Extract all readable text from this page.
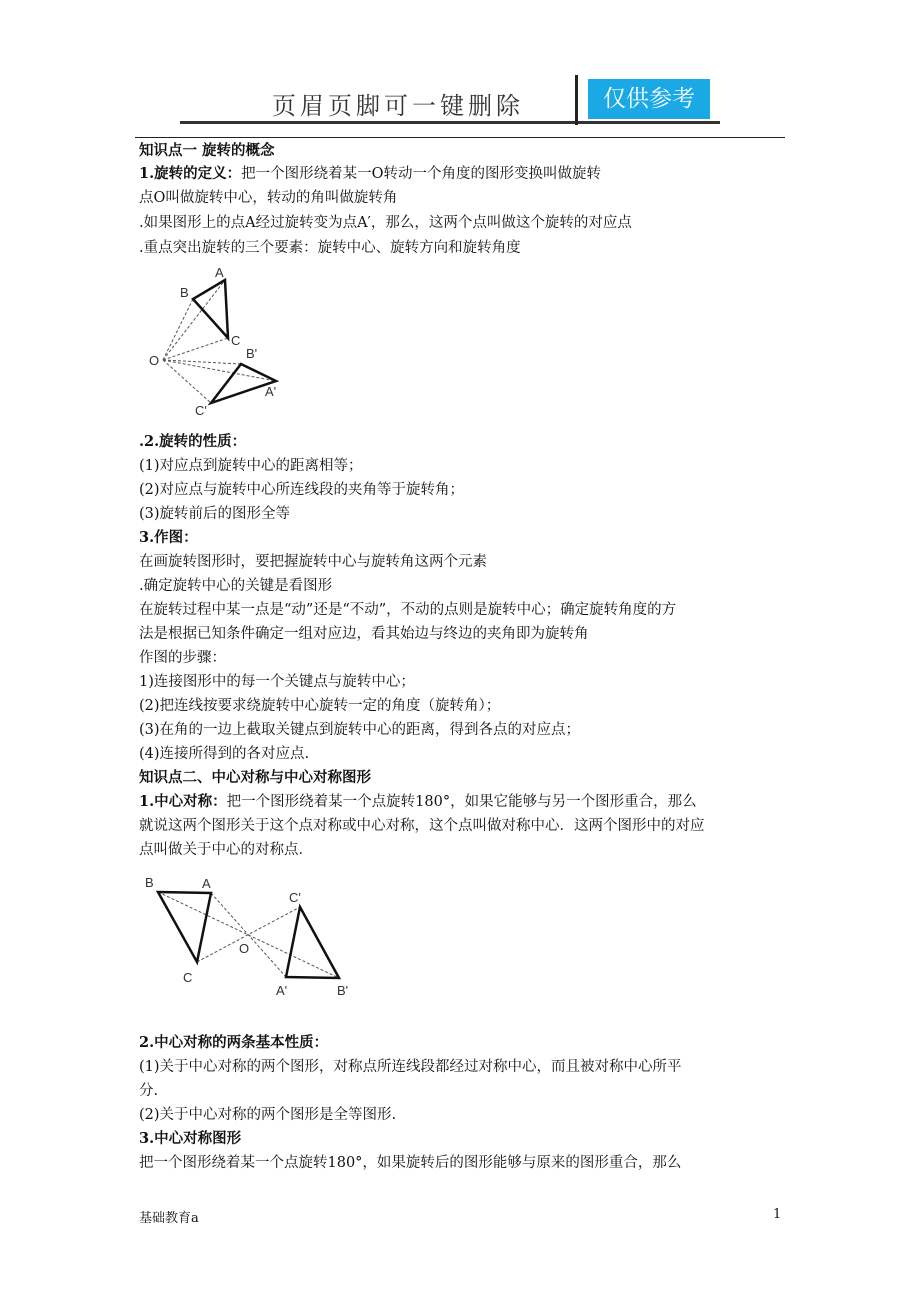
页眉页脚可一键删除	仅供参考
知识点一 旋转的概念
1.旋转的定义：把一个图形绕着某一O转动一个角度的图形变换叫做旋转
点O叫做旋转中心，转动的角叫做旋转角
.如果图形上的点A经过旋转变为点A′，那么，这两个点叫做这个旋转的对应点
.重点突出旋转的三个要素：旋转中心、旋转方向和旋转角度
A
B
C
O	B'
A'
C'
.2.旋转的性质：
(1)对应点到旋转中心的距离相等；
(2)对应点与旋转中心所连线段的夹角等于旋转角；
(3)旋转前后的图形全等
3.作图：
在画旋转图形时，要把握旋转中心与旋转角这两个元素
.确定旋转中心的关键是看图形
在旋转过程中某一点是“动”还是“不动”，不动的点则是旋转中心；确定旋转角度的方
法是根据已知条件确定一组对应边，看其始边与终边的夹角即为旋转角
作图的步骤：
1)连接图形中的每一个关键点与旋转中心；
(2)把连线按要求绕旋转中心旋转一定的角度（旋转角）；
(3)在角的一边上截取关键点到旋转中心的距离，得到各点的对应点；
(4)连接所得到的各对应点.
知识点二、中心对称与中心对称图形
1.中心对称：把一个图形绕着某一个点旋转180°，如果它能够与另一个图形重合，那么
就说这两个图形关于这个点对称或中心对称，这个点叫做对称中心．这两个图形中的对应
点叫做关于中心的对称点．
B	A
C
O
C'
A'	B'
2.中心对称的两条基本性质：
(1)关于中心对称的两个图形，对称点所连线段都经过对称中心，而且被对称中心所平
分.
(2)关于中心对称的两个图形是全等图形.
3.中心对称图形
把一个图形绕着某一个点旋转180°，如果旋转后的图形能够与原来的图形重合，那么
基础教育a	1
